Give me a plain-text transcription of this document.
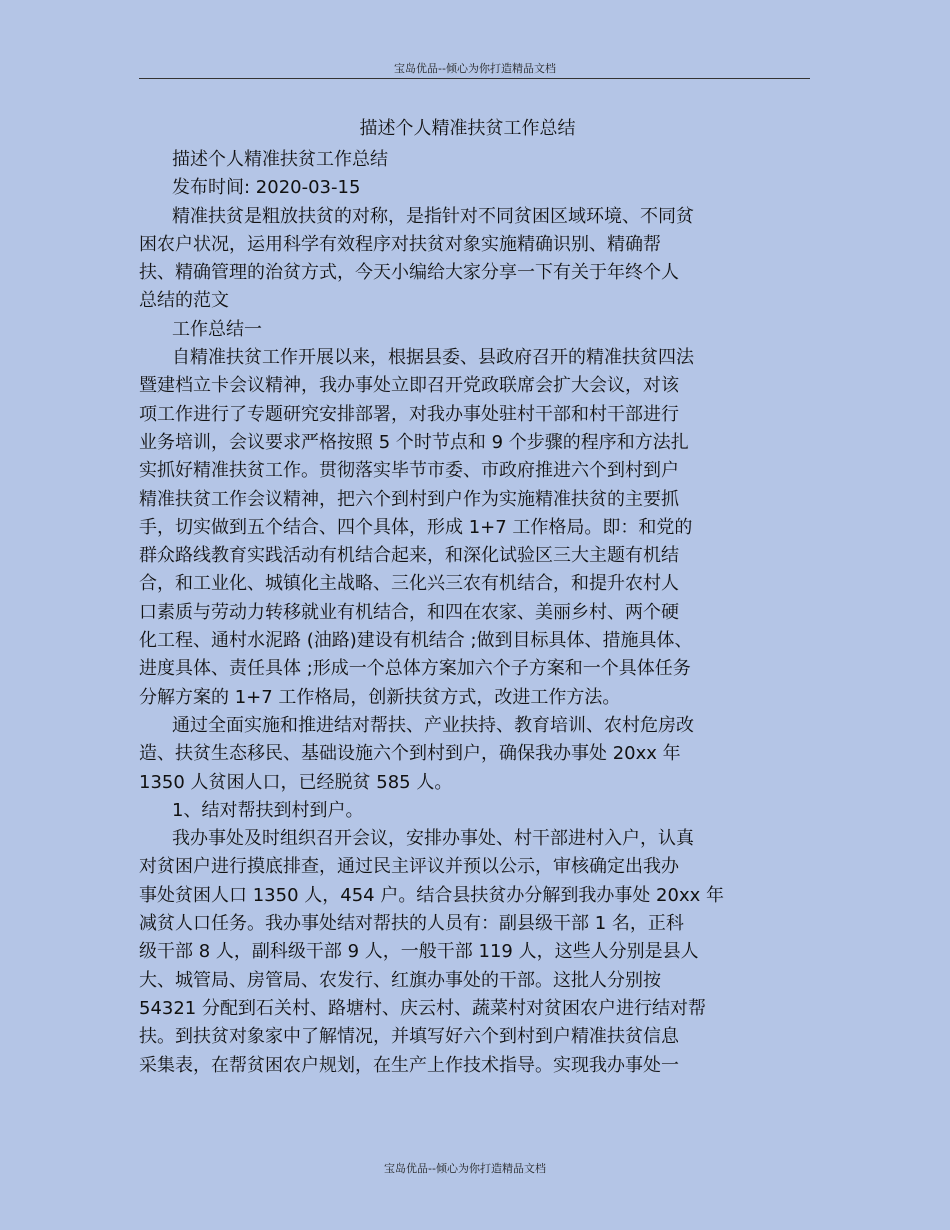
宝岛优品--倾心为你打造精品文档
描述个人精准扶贫工作总结
描述个人精准扶贫工作总结
发布时间: 2020-03-15
精准扶贫是粗放扶贫的对称，是指针对不同贫困区域环境、不同贫
困农户状况，运用科学有效程序对扶贫对象实施精确识别、精确帮
扶、精确管理的治贫方式，今天小编给大家分享一下有关于年终个人
总结的范文
工作总结一
自精准扶贫工作开展以来，根据县委、县政府召开的精准扶贫四法
暨建档立卡会议精神，我办事处立即召开党政联席会扩大会议，对该
项工作进行了专题研究安排部署，对我办事处驻村干部和村干部进行
业务培训，会议要求严格按照 5 个时节点和 9 个步骤的程序和方法扎
实抓好精准扶贫工作。贯彻落实毕节市委、市政府推进六个到村到户
精准扶贫工作会议精神，把六个到村到户作为实施精准扶贫的主要抓
手，切实做到五个结合、四个具体，形成 1+7 工作格局。即：和党的
群众路线教育实践活动有机结合起来，和深化试验区三大主题有机结
合，和工业化、城镇化主战略、三化兴三农有机结合，和提升农村人
口素质与劳动力转移就业有机结合，和四在农家、美丽乡村、两个硬
化工程、通村水泥路 (油路)建设有机结合 ;做到目标具体、措施具体、
进度具体、责任具体 ;形成一个总体方案加六个子方案和一个具体任务
分解方案的 1+7 工作格局，创新扶贫方式，改进工作方法。
通过全面实施和推进结对帮扶、产业扶持、教育培训、农村危房改
造、扶贫生态移民、基础设施六个到村到户，确保我办事处 20xx 年
1350 人贫困人口，已经脱贫 585 人。
1、结对帮扶到村到户。
我办事处及时组织召开会议，安排办事处、村干部进村入户，认真
对贫困户进行摸底排查，通过民主评议并预以公示，审核确定出我办
事处贫困人口 1350 人，454 户。结合县扶贫办分解到我办事处 20xx 年
减贫人口任务。我办事处结对帮扶的人员有：副县级干部 1 名，正科
级干部 8 人，副科级干部 9 人，一般干部 119 人，这些人分别是县人
大、城管局、房管局、农发行、红旗办事处的干部。这批人分别按
54321 分配到石关村、路塘村、庆云村、蔬菜村对贫困农户进行结对帮
扶。到扶贫对象家中了解情况，并填写好六个到村到户精准扶贫信息
采集表，在帮贫困农户规划，在生产上作技术指导。实现我办事处一
宝岛优品--倾心为你打造精品文档
